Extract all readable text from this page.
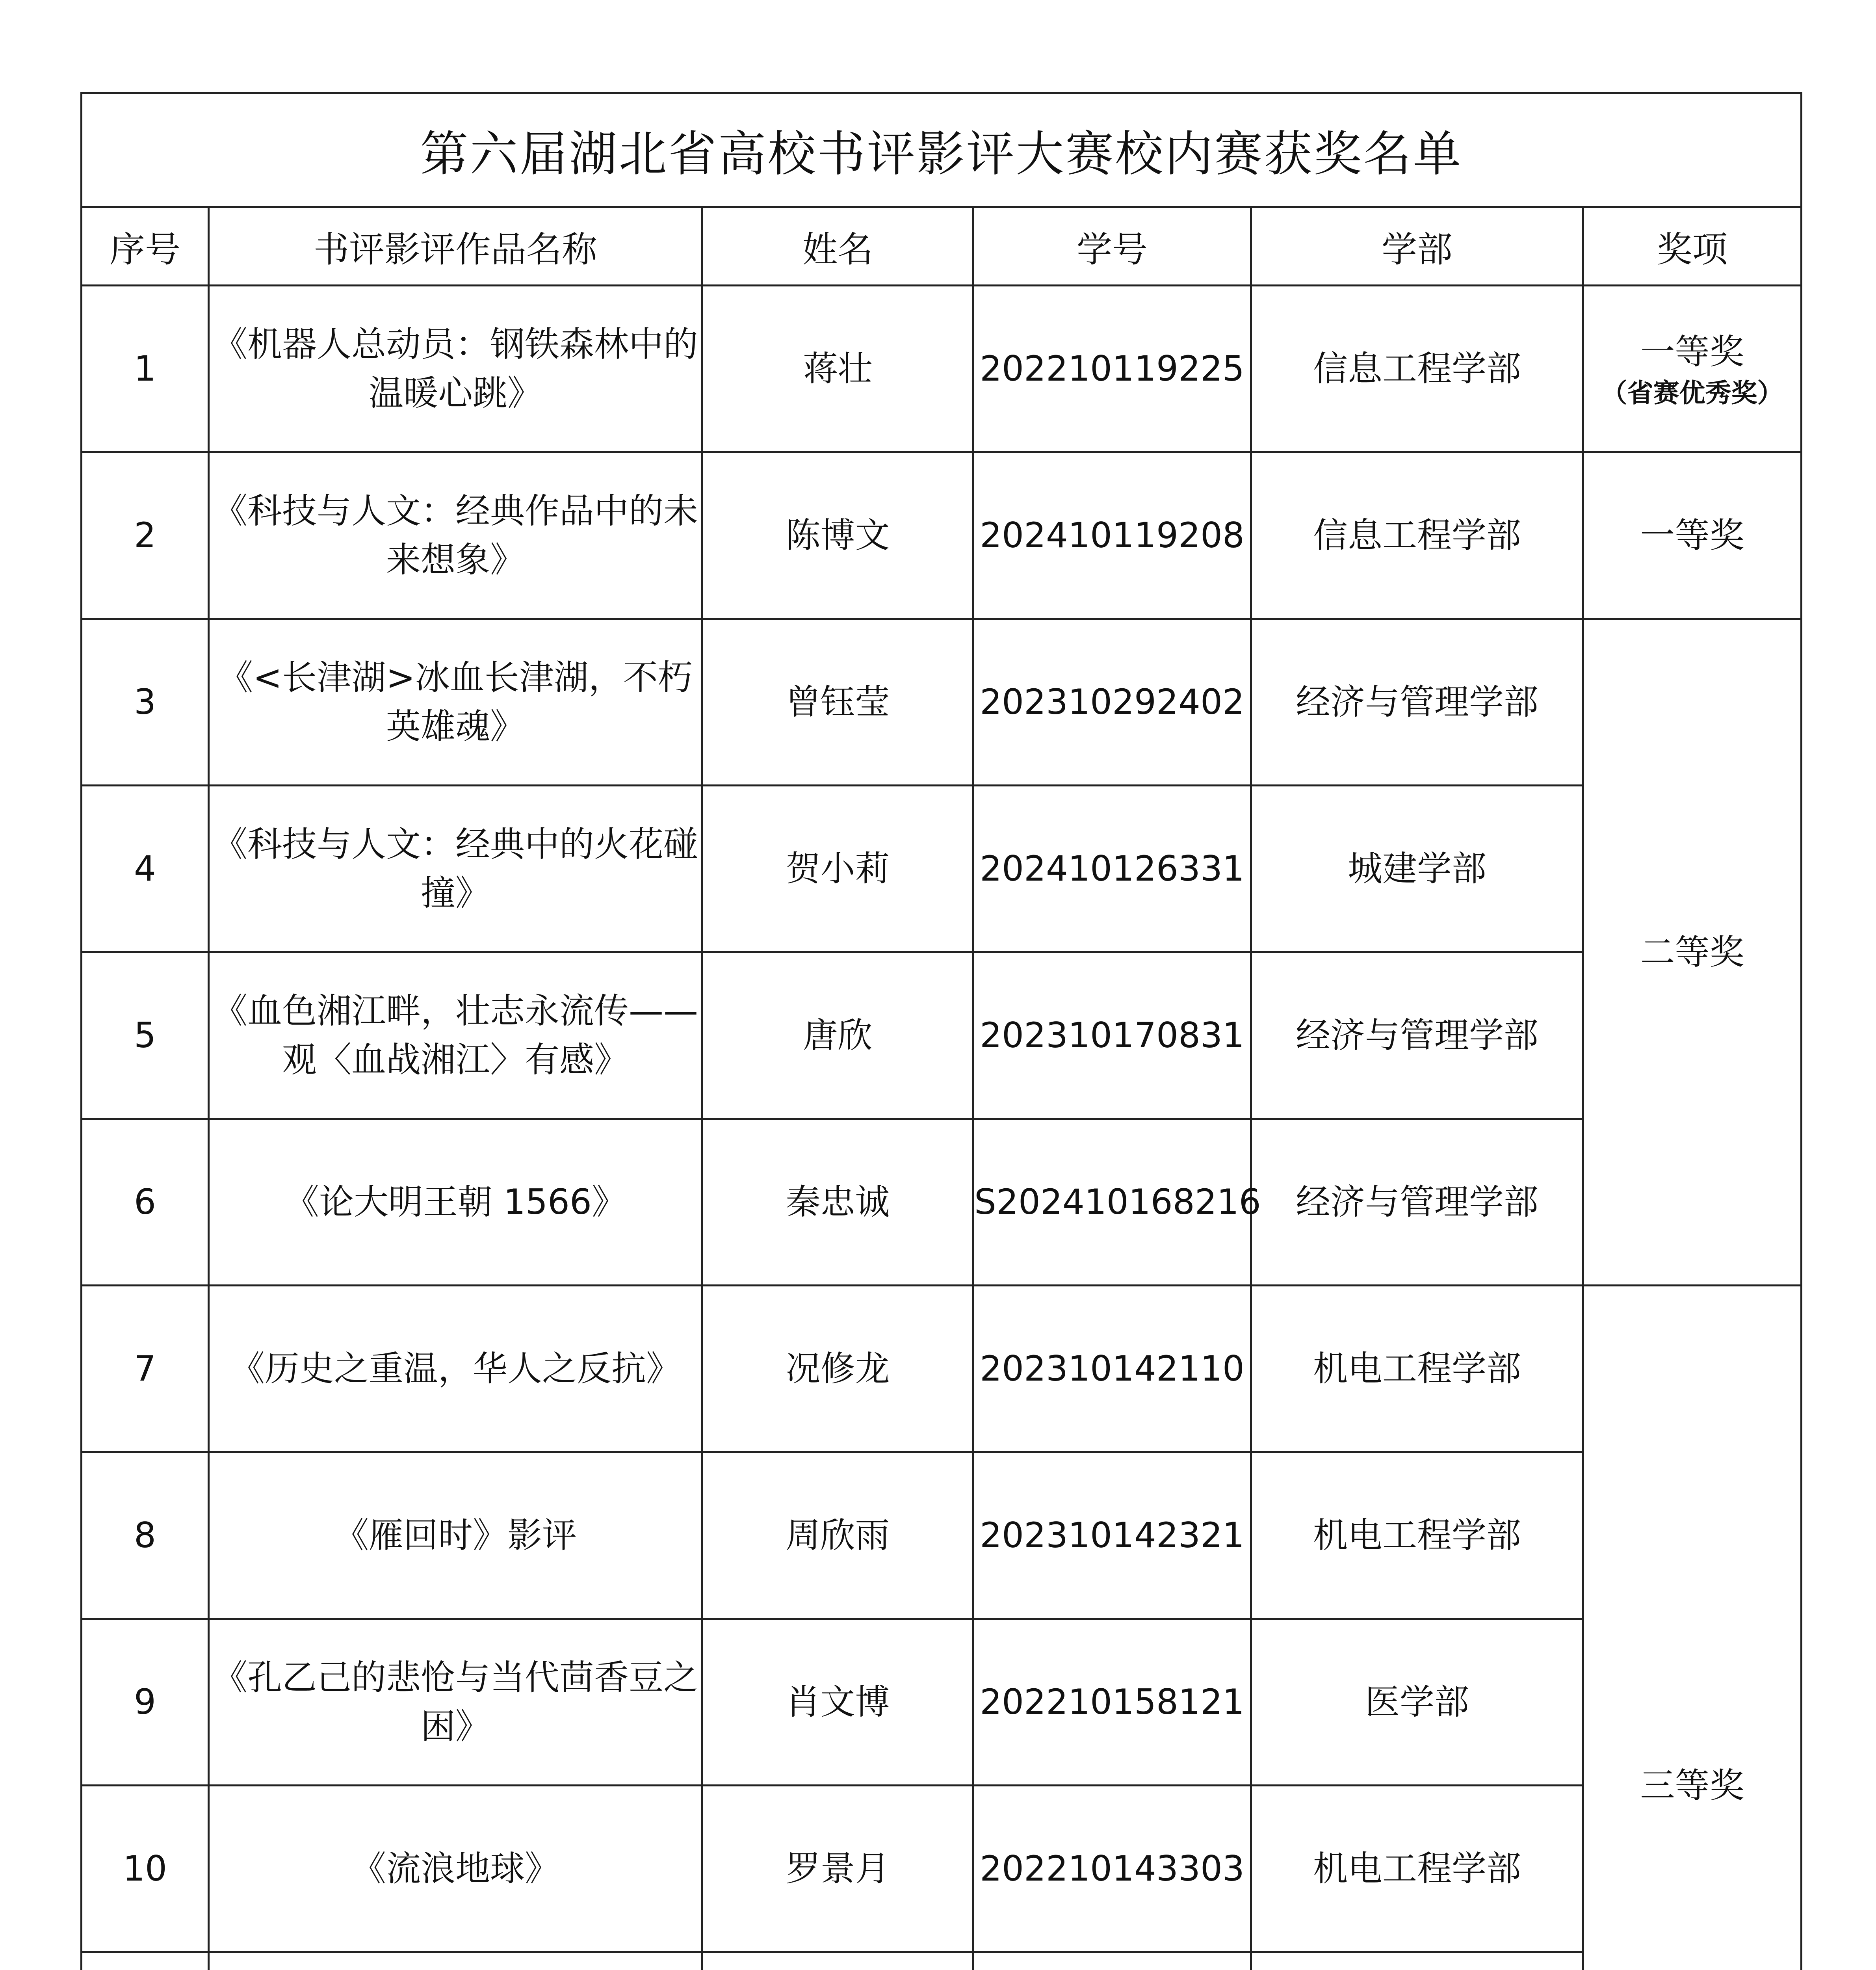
第六届湖北省高校书评影评大赛校内赛获奖名单					
序号	书评影评作品名称	姓名	学号	学部	奖项
1	《机器人总动员：钢铁森林中的温暖心跳》	蒋壮	202210119225	信息工程学部	一等奖
（省赛优秀奖）

2	《科技与人文：经典作品中的未来想象》	陈博文	202410119208	信息工程学部	一等奖
3	《<长津湖>冰血长津湖，不朽英雄魂》	曾钰莹	202310292402	经济与管理学部	二等奖
4	《科技与人文：经典中的火花碰撞》	贺小莉	202410126331	城建学部	
5	《血色湘江畔，壮志永流传——观〈血战湘江〉有感》	唐欣	202310170831	经济与管理学部	
6	《论大明王朝 1566》	秦忠诚	S202410168216	经济与管理学部	
7	《历史之重温，华人之反抗》	况修龙	202310142110	机电工程学部	三等奖
8	《雁回时》影评	周欣雨	202310142321	机电工程学部	
9	《孔乙己的悲怆与当代茴香豆之困》	肖文博	202210158121	医学部	
10	《流浪地球》	罗景月	202210143303	机电工程学部	
